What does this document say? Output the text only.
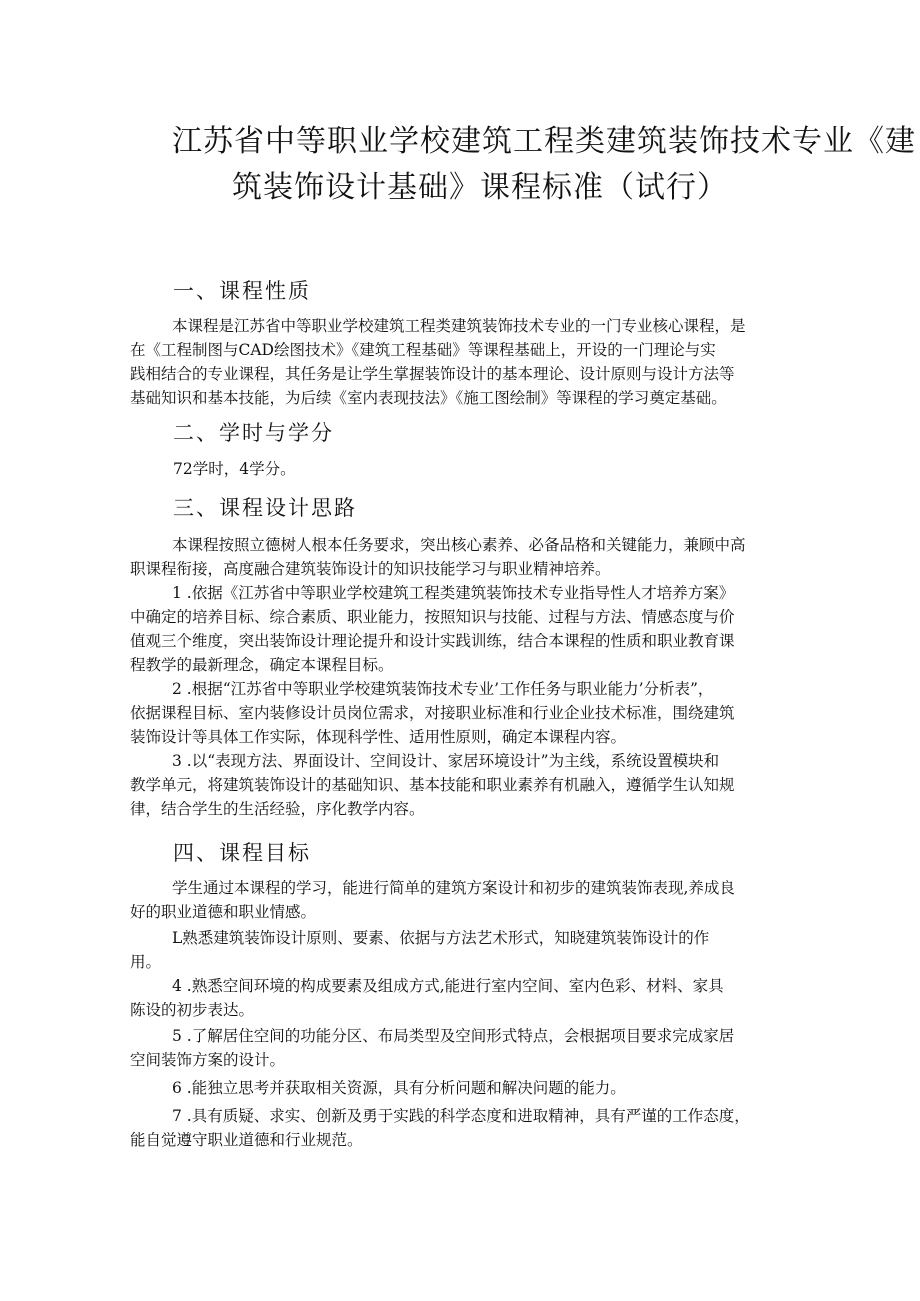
江苏省中等职业学校建筑工程类建筑装饰技术专业《建
筑装饰设计基础》课程标准（试行）
一、课程性质
本课程是江苏省中等职业学校建筑工程类建筑装饰技术专业的一门专业核心课程，是
在《工程制图与CAD绘图技术》《建筑工程基础》等课程基础上，开设的一门理论与实
践相结合的专业课程，其任务是让学生掌握装饰设计的基本理论、设计原则与设计方法等
基础知识和基本技能，为后续《室内表现技法》《施工图绘制》等课程的学习奠定基础。
二、学时与学分
72学时，4学分。
三、课程设计思路
本课程按照立德树人根本任务要求，突出核心素养、必备品格和关键能力，兼顾中高
职课程衔接，高度融合建筑装饰设计的知识技能学习与职业精神培养。
1 .依据《江苏省中等职业学校建筑工程类建筑装饰技术专业指导性人才培养方案》
中确定的培养目标、综合素质、职业能力，按照知识与技能、过程与方法、情感态度与价
值观三个维度，突出装饰设计理论提升和设计实践训练，结合本课程的性质和职业教育课
程教学的最新理念，确定本课程目标。
2 .根据“江苏省中等职业学校建筑装饰技术专业’工作任务与职业能力’分析表”，
依据课程目标、室内装修设计员岗位需求，对接职业标准和行业企业技术标准，围绕建筑
装饰设计等具体工作实际，体现科学性、适用性原则，确定本课程内容。
3 .以“表现方法、界面设计、空间设计、家居环境设计”为主线，系统设置模块和
教学单元，将建筑装饰设计的基础知识、基本技能和职业素养有机融入，遵循学生认知规
律，结合学生的生活经验，序化教学内容。
四、课程目标
学生通过本课程的学习，能进行简单的建筑方案设计和初步的建筑装饰表现,养成良
好的职业道德和职业情感。
L熟悉建筑装饰设计原则、要素、依据与方法艺术形式，知晓建筑装饰设计的作
用。
4 .熟悉空间环境的构成要素及组成方式,能进行室内空间、室内色彩、材料、家具
陈设的初步表达。
5 .了解居住空间的功能分区、布局类型及空间形式特点，会根据项目要求完成家居
空间装饰方案的设计。
6 .能独立思考并获取相关资源，具有分析问题和解决问题的能力。
7 .具有质疑、求实、创新及勇于实践的科学态度和进取精神，具有严谨的工作态度，
能自觉遵守职业道德和行业规范。
